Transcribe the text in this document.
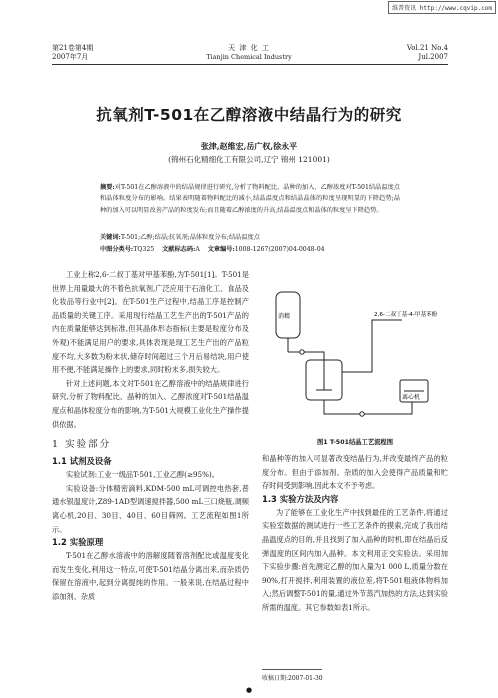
维普资讯 http://www.cqvip.com
第21卷第4期
2007年7月
天 津 化 工
Tianjin Chemical Industry
Vol.21 No.4
Jul.2007
抗氧剂T-501在乙醇溶液中结晶行为的研究
张津,赵维宏,岳广权,徐永平
(锦州石化精细化工有限公司,辽宁 锦州 121001)
摘要:对T-501在乙醇溶液中的结晶规律进行研究,分析了物料配比、晶种的加入、乙醇浓度对T-501结晶温度点和晶体粒度分布的影响。结果表明随着物料配比的减小,结晶温度点和结晶晶体的粒度呈现明显的下降趋势;晶种的加入可以明显改善产品的粒度发布;而且随着乙醇浓度的升高,结晶温度点和晶体的粒度呈下降趋势。
关键词:T-501;乙醇;结晶;抗氧剂;晶体粒度分布;结晶温度点
中图分类号:TQ325 文献标志码:A 文章编号:1008-1267(2007)04-0048-04

工业上称2,6-二叔丁基对甲基苯酚,为T-501[1]。T-501是世界上用量最大的不着色抗氧剂,广泛应用于石油化工、食品及化妆品等行业中[2]。在T-501生产过程中,结晶工序是控制产品质量的关键工序。采用现行结晶工艺生产出的T-501产品的内在质量能够达到标准,但其晶体形态指标(主要是粒度分布及外观)不能满足用户的要求,具体表现是现工艺生产出的产品粒度不均,大多数为粉末状,储存时间超过三个月后易结块,用户使用不便,不能满足操作上的要求,同时粉末多,损失较大。

针对上述问题,本文对T-501在乙醇溶液中的结晶规律进行研究,分析了物料配比、晶种的加入、乙醇浓度对T-501结晶温度点和晶体粒度分布的影响,为T-501大规模工业化生产操作提供依据。

1 实验部分
1.1 试剂及设备

实验试剂:工业一级品T-501,工业乙醇(≥95%)。

实验设备:分体精密滴料,KDM-500 mL可调控电热套,普通水银温度计,Z89-1AD型调速搅拌器,500 mL三口烧瓶,调频离心机,20目、30目、40目、60目筛网。工艺流程如图1所示。

1.2 实验原理

T-501在乙醇水溶液中的溶解度随着溶剂配比或温度变化而发生变化,利用这一特点,可使T-501结晶分离出来,而杂质仍保留在溶液中,起到分离提纯的作用。一般来说,在结晶过程中添加剂、杂质

消精	2,6-二叔丁基-4-甲基苯酚
离心机
图1 T-501结晶工艺流程图

和晶种等的加入可显著改变结晶行为,并改变最终产品的粒度分布。但由于添加剂、杂质的加入会使得产品质量和贮存时间受到影响,因此本文不予考虑。

1.3 实验方法及内容

为了能够在工业化生产中找到最佳的工艺条件,将通过实验室数据的测试进行一些工艺条件的摸索,完成了我出结晶温度点的目的,并且找到了加入晶种的时机,即在结晶后反弹温度的区间内加入晶种。本文利用正交实验法。采用加下实验步骤:首先测定乙醇的加入量为1 000 L,质量分数在90%,打开搅拌,利用装置的液位差,将T-501粗液体物料加入;然后调整T-501的量,通过外节蒸汽加热的方法,达到实验所需的温度。其它参数如表1所示。

收稿日期:2007-01-30
●
